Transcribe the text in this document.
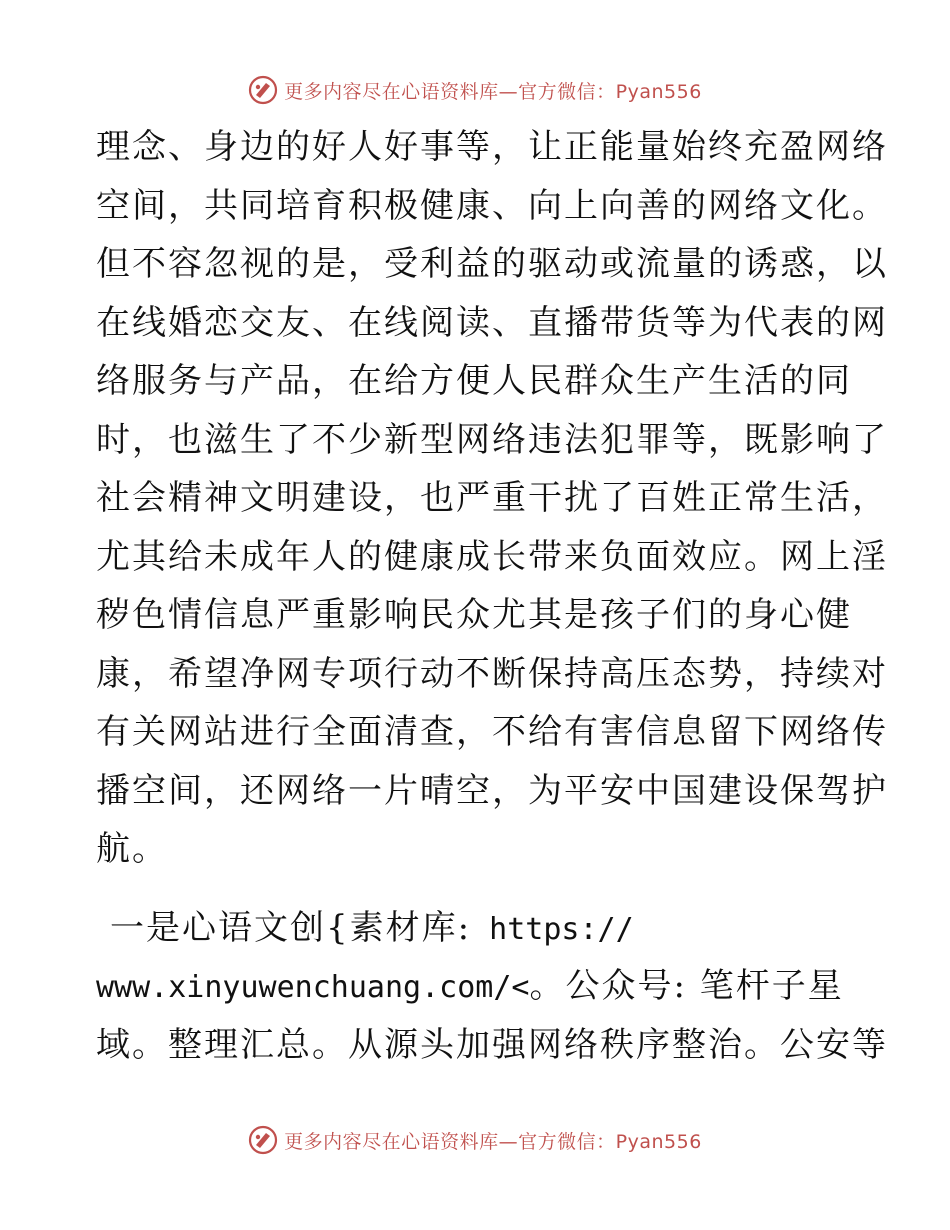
更多内容尽在心语资料库—官方微信：Pyan556
理念、身边的好人好事等，让正能量始终充盈网络
空间，共同培育积极健康、向上向善的网络文化。
但不容忽视的是，受利益的驱动或流量的诱惑，以
在线婚恋交友、在线阅读、直播带货等为代表的网
络服务与产品，在给方便人民群众生产生活的同
时，也滋生了不少新型网络违法犯罪等，既影响了
社会精神文明建设，也严重干扰了百姓正常生活，
尤其给未成年人的健康成长带来负面效应。网上淫
秽色情信息严重影响民众尤其是孩子们的身心健
康，希望净网专项行动不断保持高压态势，持续对
有关网站进行全面清查，不给有害信息留下网络传
播空间，还网络一片晴空，为平安中国建设保驾护
航。
一是心语文创{素材库: https://
www.xinyuwenchuang.com/<。公众号: 笔杆子星
域。整理汇总。从源头加强网络秩序整治。公安等
更多内容尽在心语资料库—官方微信：Pyan556
